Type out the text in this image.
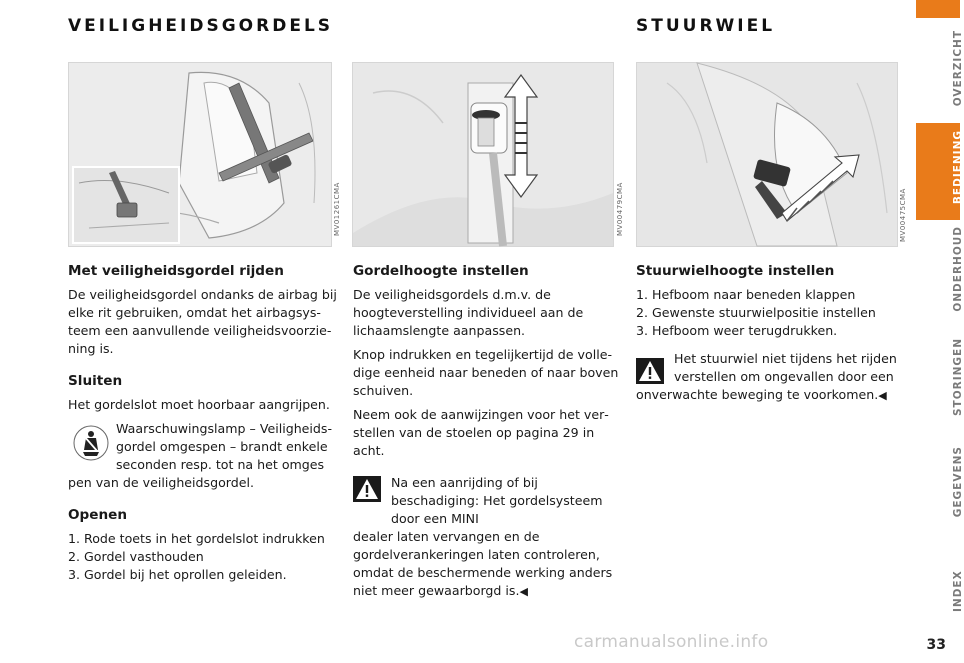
VEILIGHEIDSGORDELS	STUURWIEL
MV01261CMA	MV00479CMA	MV00475CMA
Met veiligheidsgordel rijden

De veiligheidsgordel ondanks de airbag bij elke rit gebruiken, omdat het airbagsysteem een aanvullende veiligheidsvoorziening is.

Sluiten

Het gordelslot moet hoorbaar aangrijpen.

Waarschuwingslamp – Veiligheidsgordel omgespen – brandt enkele seconden resp. tot na het omges
pen van de veiligheidsgordel.
Openen
1. Rode toets in het gordelslot indrukken
2. Gordel vasthouden
3. Gordel bij het oprollen geleiden.
Gordelhoogte instellen

De veiligheidsgordels d.m.v. de hoogteverstelling individueel aan de lichaamslengte aanpassen.

Knop indrukken en tegelijkertijd de volledige eenheid naar beneden of naar boven schuiven.

Neem ook de aanwijzingen voor het verstellen van de stoelen op pagina 29 in acht.

Na een aanrijding of bij beschadiging: Het gordelsysteem door een MINI
dealer laten vervangen en de gordelverankeringen laten controleren, omdat de beschermende werking anders niet meer gewaarborgd is.◀
Stuurwielhoogte instellen
1. Hefboom naar beneden klappen
2. Gewenste stuurwielpositie instellen
3. Hefboom weer terugdrukken.
Het stuurwiel niet tijdens het rijden verstellen om ongevallen door een
onverwachte beweging te voorkomen.◀
OVERZICHT
BEDIENING
ONDERHOUD
STORINGEN
GEGEVENS
INDEX
33
carmanualsonline.info
